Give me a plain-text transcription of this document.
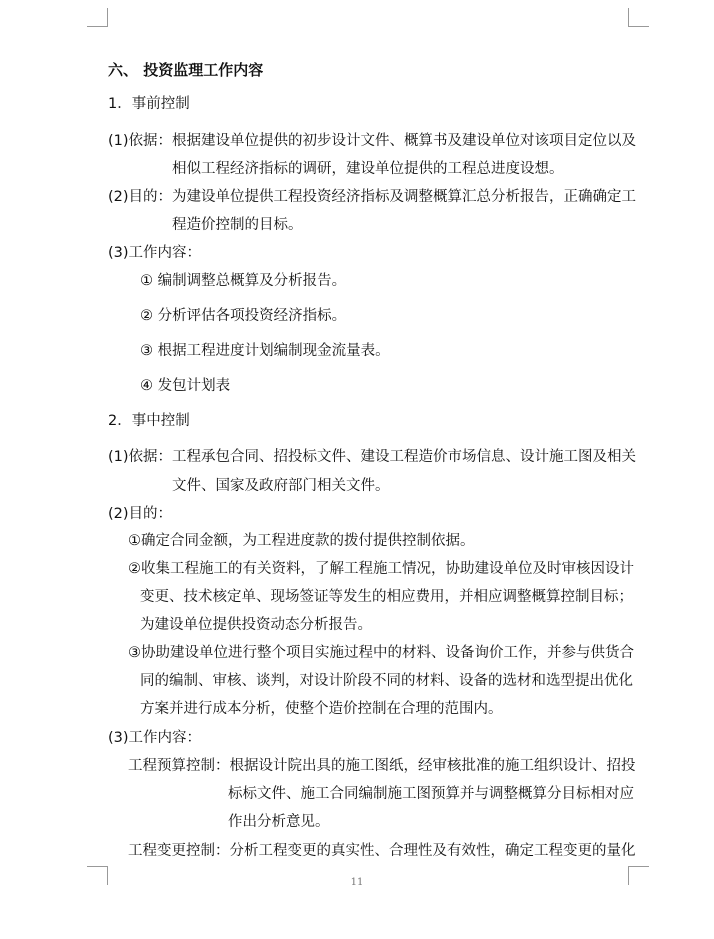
六、 投资监理工作内容
1．事前控制
(1)依据：根据建设单位提供的初步设计文件、概算书及建设单位对该项目定位以及
相似工程经济指标的调研，建设单位提供的工程总进度设想。
(2)目的：为建设单位提供工程投资经济指标及调整概算汇总分析报告，正确确定工
程造价控制的目标。
(3)工作内容：
① 编制调整总概算及分析报告。
② 分析评估各项投资经济指标。
③ 根据工程进度计划编制现金流量表。
④ 发包计划表
2．事中控制
(1)依据：工程承包合同、招投标文件、建设工程造价市场信息、设计施工图及相关
文件、国家及政府部门相关文件。
(2)目的：
①确定合同金额，为工程进度款的拨付提供控制依据。
②收集工程施工的有关资料，了解工程施工情况，协助建设单位及时审核因设计
变更、技术核定单、现场签证等发生的相应费用，并相应调整概算控制目标；
为建设单位提供投资动态分析报告。
③协助建设单位进行整个项目实施过程中的材料、设备询价工作，并参与供货合
同的编制、审核、谈判，对设计阶段不同的材料、设备的选材和选型提出优化
方案并进行成本分析，使整个造价控制在合理的范围内。
(3)工作内容：
工程预算控制：根据设计院出具的施工图纸，经审核批准的施工组织设计、招投
标标文件、施工合同编制施工图预算并与调整概算分目标相对应
作出分析意见。
工程变更控制：分析工程变更的真实性、合理性及有效性，确定工程变更的量化
11
